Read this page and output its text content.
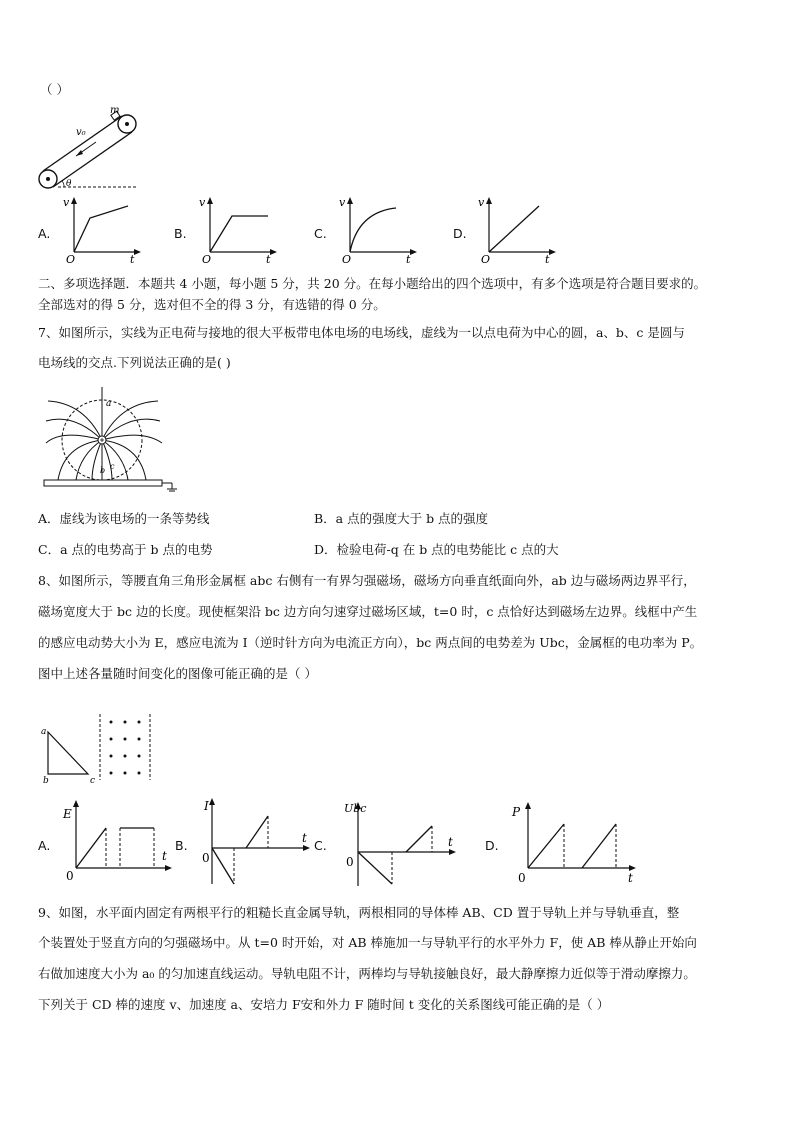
（ ）
m
v₀
θ
A.
v
t
O
B.
v
t
O
C.
v
t
O
D.
v
t
O
二、多项选择题．本题共 4 小题，每小题 5 分，共 20 分。在每小题给出的四个选项中，有多个选项是符合题目要求的。
全部选对的得 5 分，选对但不全的得 3 分，有选错的得 0 分。
7、如图所示，实线为正电荷与接地的很大平板带电体电场的电场线，虚线为一以点电荷为中心的圆，a、b、c 是圆与
电场线的交点.下列说法正确的是( )
a
b c
A．虚线为该电场的一条等势线	B．a 点的强度大于 b 点的强度
C．a 点的电势高于 b 点的电势	D．检验电荷-q 在 b 点的电势能比 c 点的大
8、如图所示，等腰直角三角形金属框 abc 右侧有一有界匀强磁场，磁场方向垂直纸面向外，ab 边与磁场两边界平行，
磁场宽度大于 bc 边的长度。现使框架沿 bc 边方向匀速穿过磁场区域，t=0 时，c 点恰好达到磁场左边界。线框中产生
的感应电动势大小为 E，感应电流为 I（逆时针方向为电流正方向），bc 两点间的电势差为 Ubc，金属框的电功率为 P。
图中上述各量随时间变化的图像可能正确的是（ ）
a
b	c
A.
E
t
0
B.
I
t
0
C.
Ubc
t
0
D.
P
t
0
9、如图，水平面内固定有两根平行的粗糙长直金属导轨，两根相同的导体棒 AB、CD 置于导轨上并与导轨垂直，整
个装置处于竖直方向的匀强磁场中。从 t=0 时开始，对 AB 棒施加一与导轨平行的水平外力 F，使 AB 棒从静止开始向
右做加速度大小为 a₀ 的匀加速直线运动。导轨电阻不计，两棒均与导轨接触良好，最大静摩擦力近似等于滑动摩擦力。
下列关于 CD 棒的速度 v、加速度 a、安培力 F安和外力 F 随时间 t 变化的关系图线可能正确的是（ ）
